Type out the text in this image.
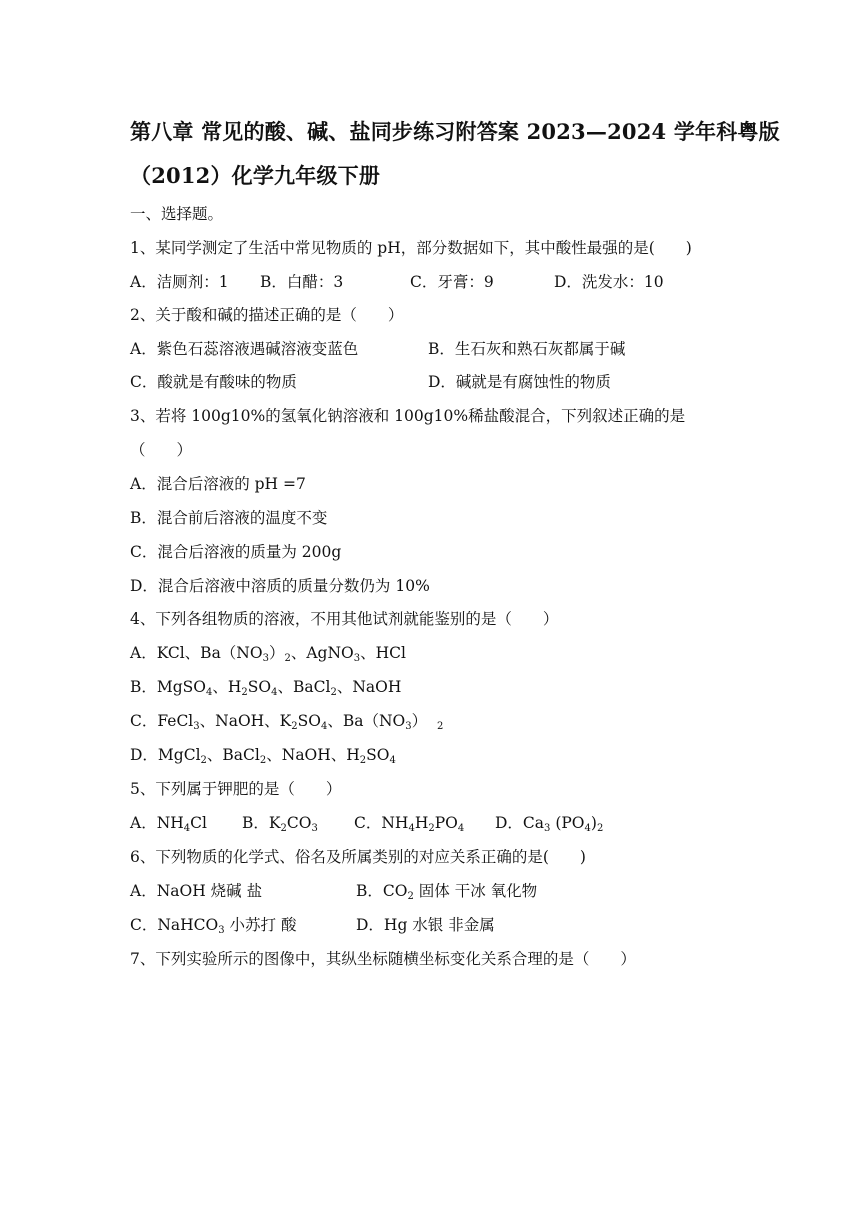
第八章 常见的酸、碱、盐同步练习附答案 2023—2024 学年科粤版
（2012）化学九年级下册
一、选择题。
1、某同学测定了生活中常见物质的 pH，部分数据如下，其中酸性最强的是(　　)
A．洁厕剂：1 B．白醋：3	C．牙膏：9	D．洗发水：10
2、关于酸和碱的描述正确的是（　　）
A．紫色石蕊溶液遇碱溶液变蓝色	B．生石灰和熟石灰都属于碱
C．酸就是有酸味的物质	D．碱就是有腐蚀性的物质
3、若将 100g10%的氢氧化钠溶液和 100g10%稀盐酸混合，下列叙述正确的是
（　　）
A．混合后溶液的 pH =7
B．混合前后溶液的温度不变
C．混合后溶液的质量为 200g
D．混合后溶液中溶质的质量分数仍为 10%
4、下列各组物质的溶液，不用其他试剂就能鉴别的是（　　）
A．KCl、$Ba(NO_3)_2$、AgNO$_3$、HCl
B．MgSO$_4$、$H_2SO_4$、BaCl$_2$、NaOH
C．FeCl$_3$、NaOH、$K_2SO_4$、$Ba(NO_3)$ $_2$
D．MgCl$_2$、BaCl$_2$、NaOH、$H_2SO_4$
5、下列属于钾肥的是（　　）
A．$NH_4Cl$ B．$K_2CO_3$ C．$NH_4H_2PO_4$ D．$Ca_3$ $(PO_4)_2$
6、下列物质的化学式、俗名及所属类别的对应关系正确的是(　　)
A．NaOH 烧碱 盐	B．$CO_2$ 固体 干冰 氧化物
C．NaHCO$_3$ 小苏打 酸	D．Hg 水银 非金属
7、下列实验所示的图像中，其纵坐标随横坐标变化关系合理的是（　　）
